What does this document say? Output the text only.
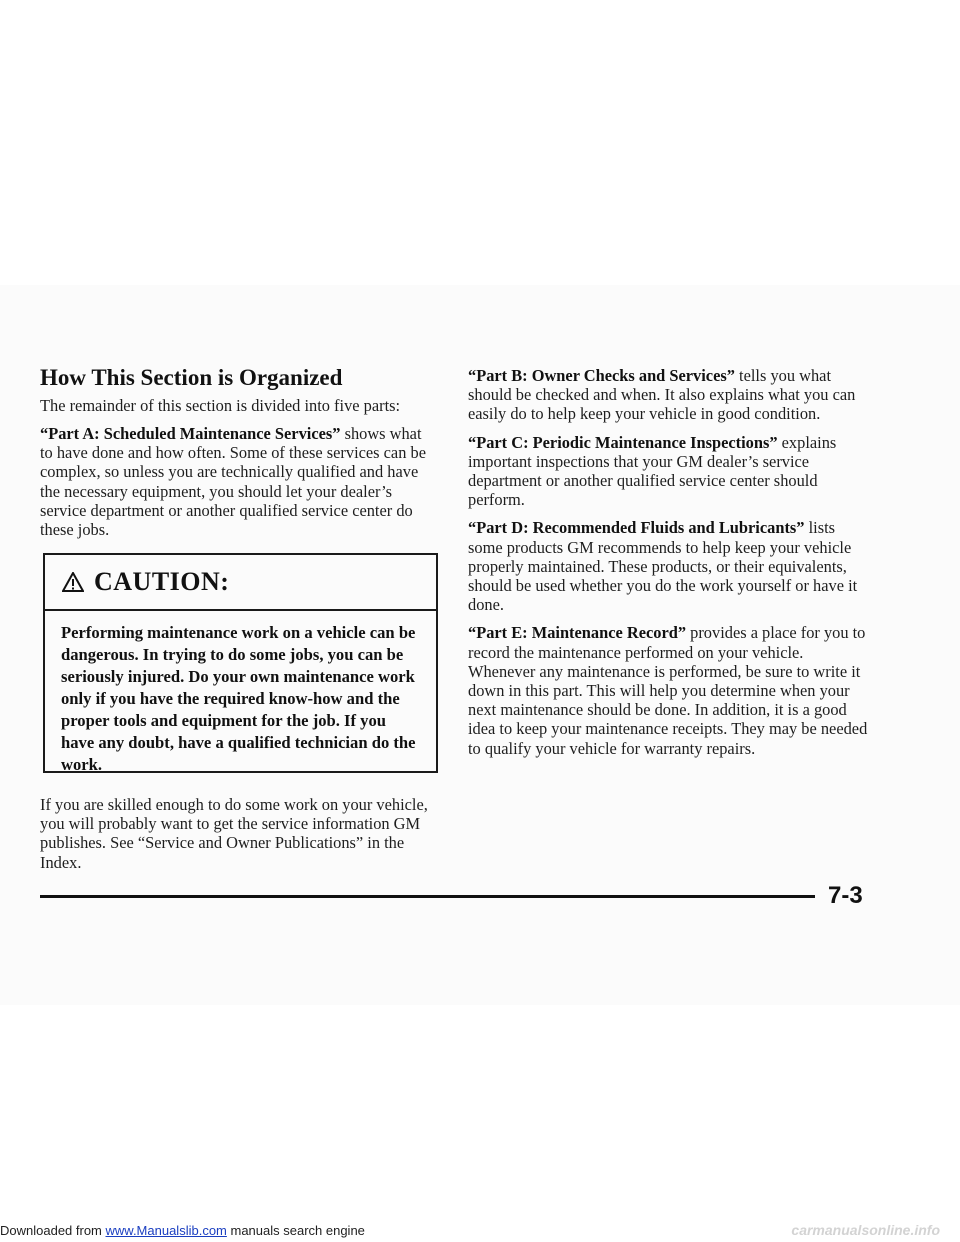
How This Section is Organized

The remainder of this section is divided into five parts:

“Part A: Scheduled Maintenance Services” shows what to have done and how often. Some of these services can be complex, so unless you are technically qualified and have the necessary equipment, you should let your dealer’s service department or another qualified service center do these jobs.

CAUTION:
Performing maintenance work on a vehicle can be dangerous. In trying to do some jobs, you can be seriously injured. Do your own maintenance work only if you have the required know-how and the proper tools and equipment for the job. If you have any doubt, have a qualified technician do the work.

If you are skilled enough to do some work on your vehicle, you will probably want to get the service information GM publishes. See “Service and Owner Publications” in the Index.

“Part B: Owner Checks and Services” tells you what should be checked and when. It also explains what you can easily do to help keep your vehicle in good condition.

“Part C: Periodic Maintenance Inspections” explains important inspections that your GM dealer’s service department or another qualified service center should perform.

“Part D: Recommended Fluids and Lubricants” lists some products GM recommends to help keep your vehicle properly maintained. These products, or their equivalents, should be used whether you do the work yourself or have it done.

“Part E: Maintenance Record” provides a place for you to record the maintenance performed on your vehicle. Whenever any maintenance is performed, be sure to write it down in this part. This will help you determine when your next maintenance should be done. In addition, it is a good idea to keep your maintenance receipts. They may be needed to qualify your vehicle for warranty repairs.

7-3
Downloaded from www.Manualslib.com manuals search engine	carmanualsonline.info
